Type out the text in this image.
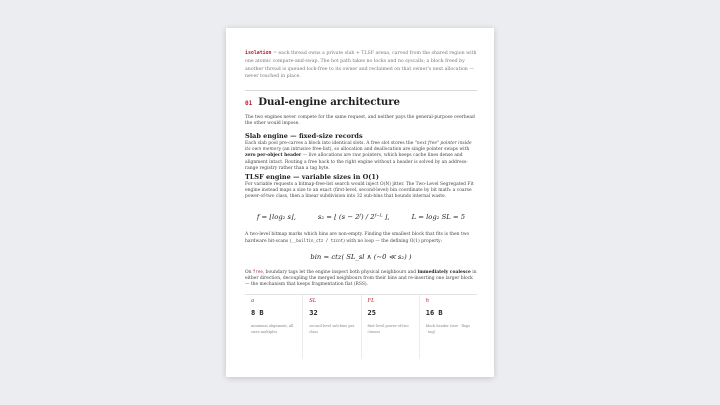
isolation = each thread owns a private slab + TLSF arena, carved from the shared region with one atomic compare-and-swap. The hot path takes no locks and no syscalls; a block freed by another thread is queued lock-free to its owner and reclaimed on that owner's next allocation — never touched in place.
01 Dual-engine architecture

The two engines never compete for the same request, and neither pays the general-purpose overhead the other would impose.

Slab engine — fixed-size records

Each slab pool pre-carves a block into identical slots. A free slot stores the "next free" pointer inside its own memory (an intrusive free-list), so allocation and deallocation are single pointer swaps with zero per-object header — live allocations are raw pointers, which keeps cache lines dense and alignment intact. Routing a free back to the right engine without a header is solved by an address-range registry rather than a tag byte.

TLSF engine — variable sizes in O(1)

For variable requests a bitmap-free-list search would inject O(N) jitter. The Two-Level Segregated Fit engine instead maps a size to an exact (first-level, second-level) bin coordinate by bit math: a coarse power-of-two class, then a linear subdivision into 32 sub-bins that bounds internal waste.

f = ⌊log₂ s⌋,	s₂ = ⌊ (s − 2ᶠ) / 2ᶠ⁻ᴸ ⌋,	L = log₂ SL = 5

A two-level bitmap marks which bins are non-empty. Finding the smallest block that fits is then two hardware bit-scans (__builtin_ctz / tzcnt) with no loop — the defining O(1) property:

bin = ctz( SL_sl ∧ (∼0 ≪ s₂) )

On free, boundary tags let the engine inspect both physical neighbours and immediately coalesce in either direction, decoupling the merged neighbours from their bins and re-inserting one larger block — the mechanism that keeps fragmentation flat (RSS).

a
8 B
minimum alignment; all sizes multiples
SL
32
second-level sub-bins per class
FL
25
first-level power-of-two classes
h
16 B
block header (size · flags · tag)
